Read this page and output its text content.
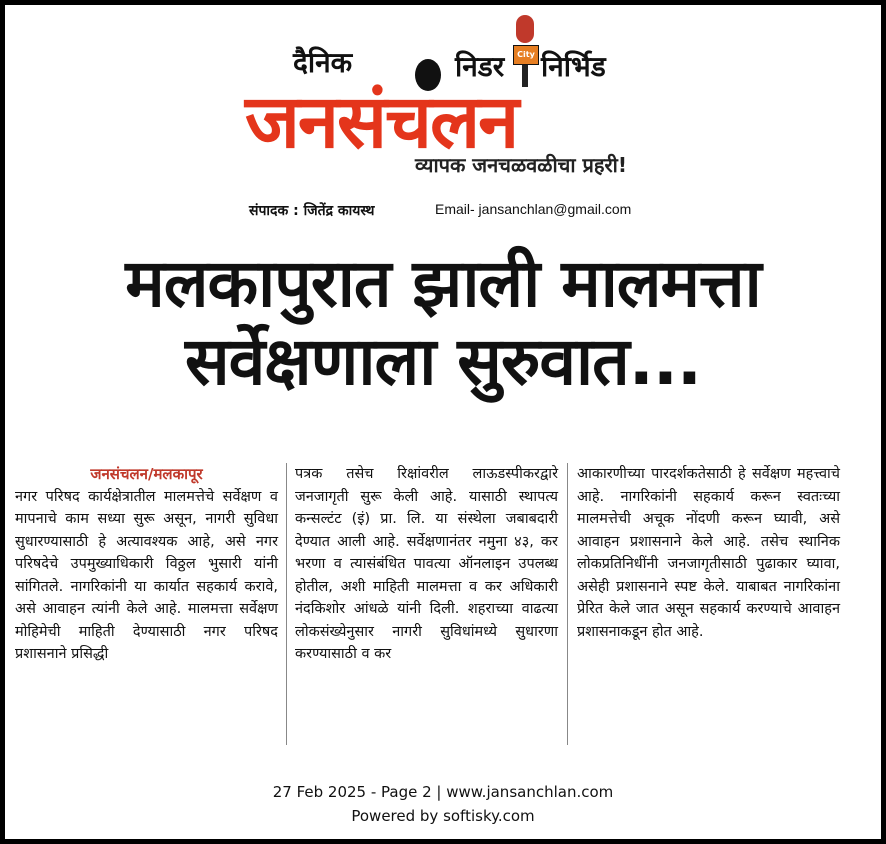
दैनिक	निडर	City निर्भिड
जनसंचलन
व्यापक जनचळवळीचा प्रहरी!
संपादक : जितेंद्र कायस्थ	Email- jansanchlan@gmail.com
मलकापुरात झाली मालमत्ता
सर्वेक्षणाला सुरुवात...
जनसंचलन/मलकापूर
नगर परिषद कार्यक्षेत्रातील मालमत्तेचे सर्वेक्षण व मापनाचे काम सध्या सुरू असून, नागरी सुविधा सुधारण्यासाठी हे अत्यावश्यक आहे, असे नगर परिषदेचे उपमुख्याधिकारी विठ्ठल भुसारी यांनी सांगितले. नागरिकांनी या कार्यात सहकार्य करावे, असे आवाहन त्यांनी केले आहे. मालमत्ता सर्वेक्षण मोहिमेची माहिती देण्यासाठी नगर परिषद प्रशासनाने प्रसिद्धी
पत्रक तसेच रिक्षांवरील लाऊडस्पीकरद्वारे जनजागृती सुरू केली आहे. यासाठी स्थापत्य कन्सल्टंट (इं) प्रा. लि. या संस्थेला जबाबदारी देण्यात आली आहे. सर्वेक्षणानंतर नमुना ४३, कर भरणा व त्यासंबंधित पावत्या ऑनलाइन उपलब्ध होतील, अशी माहिती मालमत्ता व कर अधिकारी नंदकिशोर आंधळे यांनी दिली. शहराच्या वाढत्या लोकसंख्येनुसार नागरी सुविधांमध्ये सुधारणा करण्यासाठी व कर
आकारणीच्या पारदर्शकतेसाठी हे सर्वेक्षण महत्त्वाचे आहे. नागरिकांनी सहकार्य करून स्वतःच्या मालमत्तेची अचूक नोंदणी करून घ्यावी, असे आवाहन प्रशासनाने केले आहे. तसेच स्थानिक लोकप्रतिनिधींनी जनजागृतीसाठी पुढाकार घ्यावा, असेही प्रशासनाने स्पष्ट केले. याबाबत नागरिकांना प्रेरित केले जात असून सहकार्य करण्याचे आवाहन प्रशासनाकडून होत आहे.
27 Feb 2025 - Page 2 | www.jansanchlan.com
Powered by softisky.com
